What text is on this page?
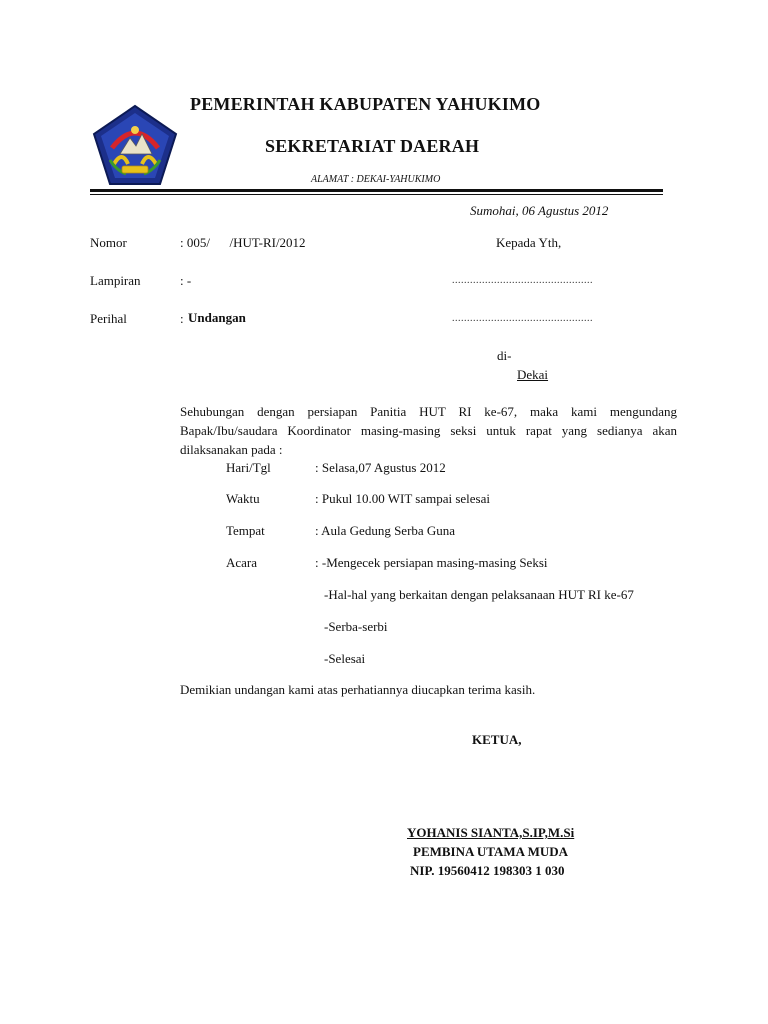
PEMERINTAH KABUPATEN YAHUKIMO
SEKRETARIAT DAERAH
ALAMAT : DEKAI-YAHUKIMO
Sumohai, 06 Agustus 2012
Nomor	: 005/      /HUT-RI/2012
Lampiran	: -
Perihal	: Undangan
Kepada Yth,
...............................................
...............................................
di-
Dekai
Sehubungan dengan persiapan Panitia HUT RI ke-67, maka kami mengundang Bapak/Ibu/saudara Koordinator masing-masing seksi untuk rapat yang sedianya akan dilaksanakan pada :
Hari/Tgl	: Selasa,07 Agustus 2012
Waktu	: Pukul 10.00 WIT sampai selesai
Tempat	: Aula Gedung Serba Guna
Acara	: -Mengecek persiapan masing-masing Seksi
-Hal-hal yang berkaitan dengan pelaksanaan HUT RI ke-67
-Serba-serbi
-Selesai
Demikian undangan kami atas perhatiannya diucapkan terima kasih.
KETUA,
YOHANIS SIANTA,S.IP,M.Si
PEMBINA UTAMA MUDA
NIP. 19560412 198303 1 030
